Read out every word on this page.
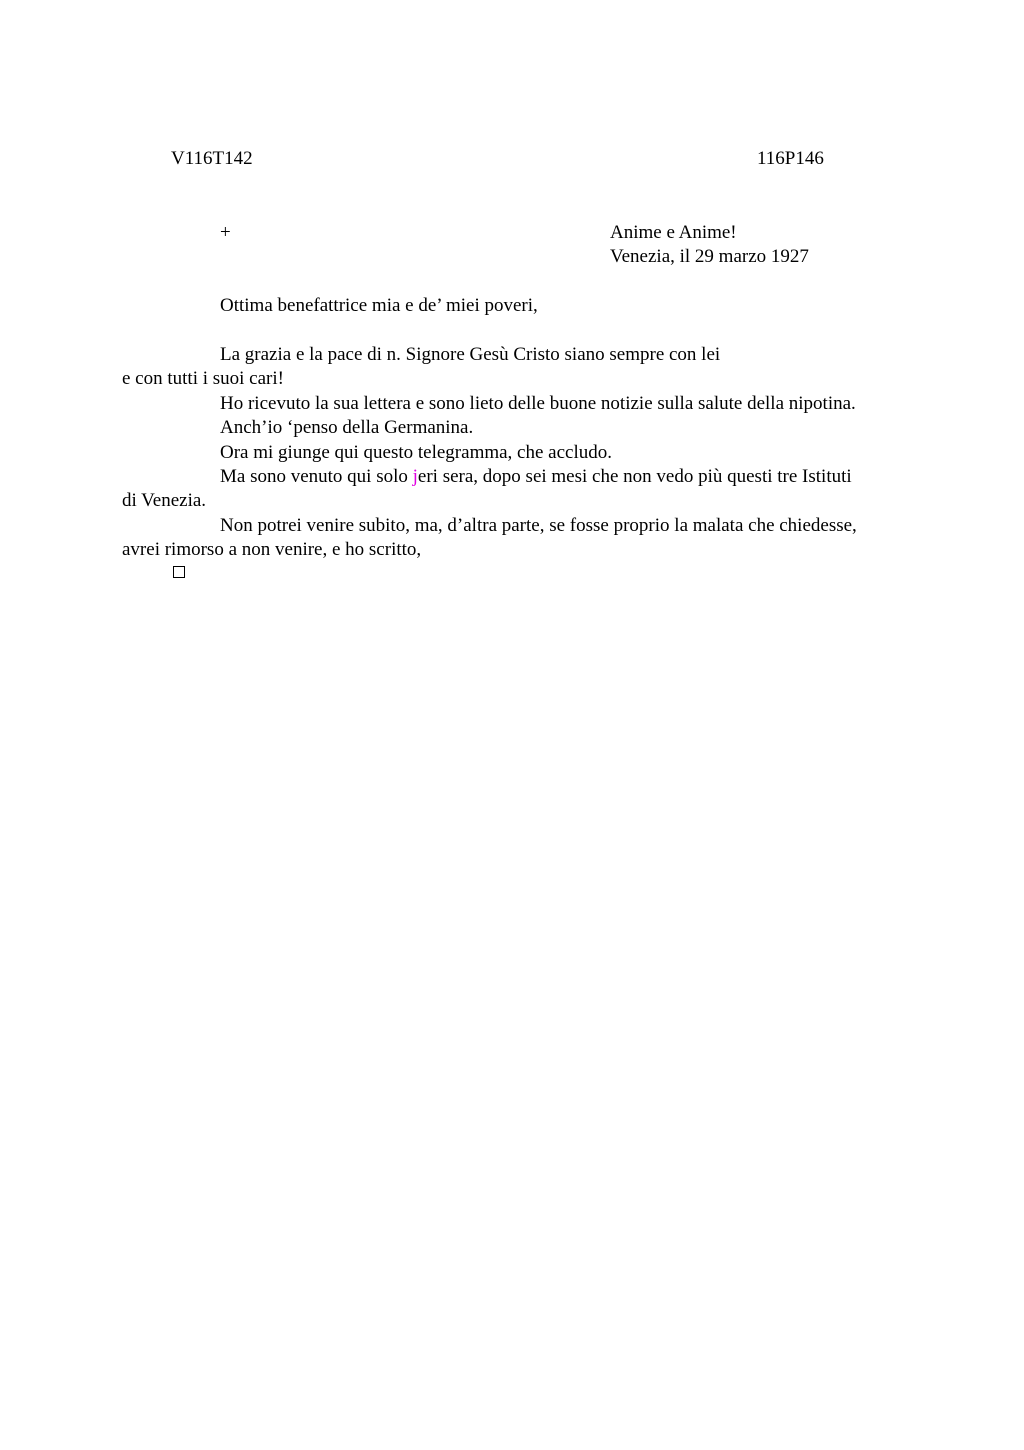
V116T142	116P146
+	Anime e Anime!
Venezia, il 29 marzo 1927
Ottima benefattrice mia e de’ miei poveri,

La grazia e la pace di n. Signore Gesù Cristo siano sempre con lei
e con tutti i suoi cari!

Ho ricevuto la sua lettera e sono lieto delle buone notizie sulla salute della nipotina.

Anch’io ‘penso della Germanina.

Ora mi giunge qui questo telegramma, che accludo.

Ma sono venuto qui solo jeri sera, dopo sei mesi che non vedo più questi tre Istituti
di Venezia.

Non potrei venire subito, ma, d’altra parte, se fosse proprio la malata che chiedesse,
avrei rimorso a non venire, e ho scritto,
